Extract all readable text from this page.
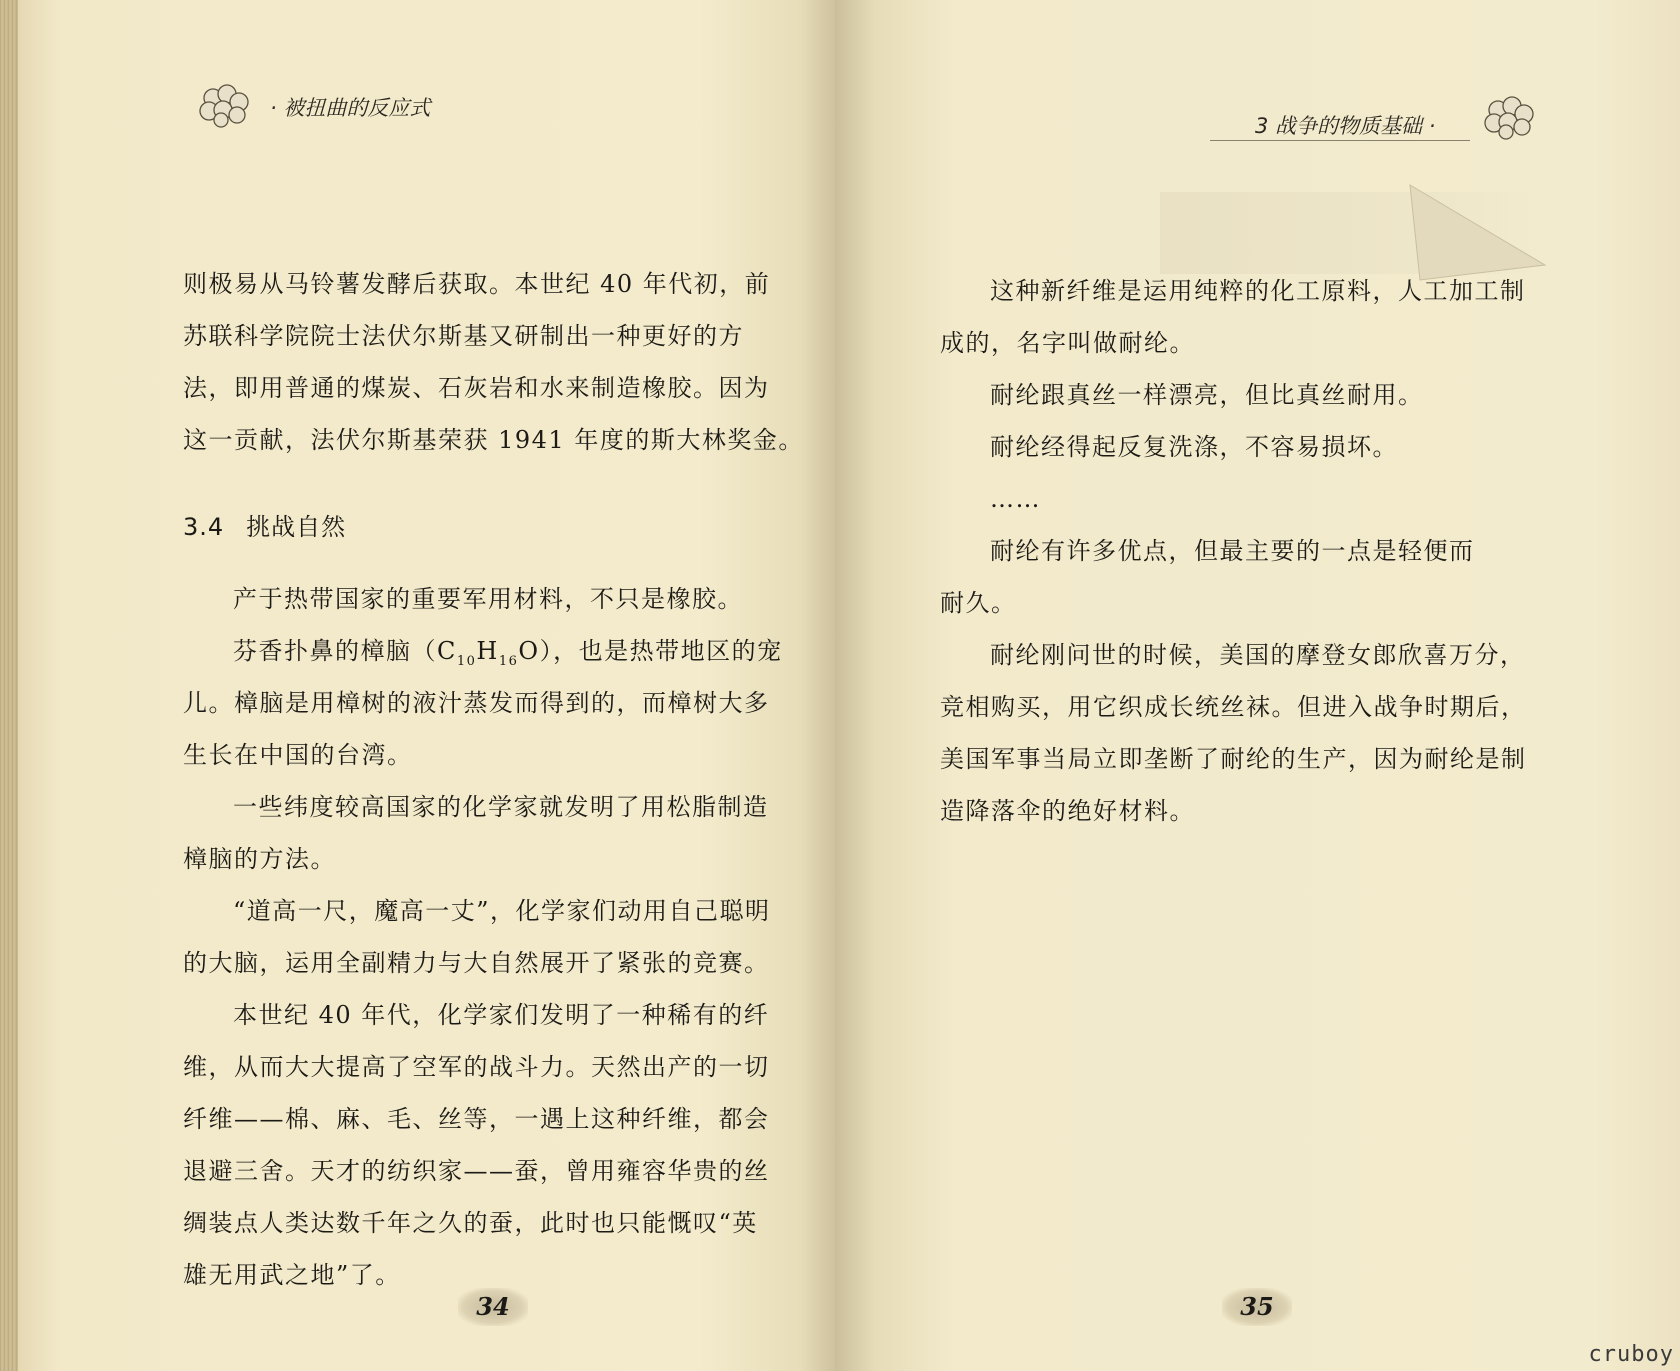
· 被扭曲的反应式
则极易从马铃薯发酵后获取。本世纪 40 年代初，前
苏联科学院院士法伏尔斯基又研制出一种更好的方
法，即用普通的煤炭、石灰岩和水来制造橡胶。因为
这一贡献，法伏尔斯基荣获 1941 年度的斯大林奖金。
3.4 挑战自然
产于热带国家的重要军用材料，不只是橡胶。
芬香扑鼻的樟脑$(C_{10}H_{16}O)$，也是热带地区的宠
儿。樟脑是用樟树的液汁蒸发而得到的，而樟树大多
生长在中国的台湾。
一些纬度较高国家的化学家就发明了用松脂制造
樟脑的方法。
“道高一尺，魔高一丈”，化学家们动用自己聪明
的大脑，运用全副精力与大自然展开了紧张的竞赛。
本世纪 40 年代，化学家们发明了一种稀有的纤
维，从而大大提高了空军的战斗力。天然出产的一切
纤维——棉、麻、毛、丝等，一遇上这种纤维，都会
退避三舍。天才的纺织家——蚕，曾用雍容华贵的丝
绸装点人类达数千年之久的蚕，此时也只能慨叹“英
雄无用武之地”了。
34
3 战争的物质基础 ·
这种新纤维是运用纯粹的化工原料，人工加工制
成的，名字叫做耐纶。
耐纶跟真丝一样漂亮，但比真丝耐用。
耐纶经得起反复洗涤，不容易损坏。
……
耐纶有许多优点，但最主要的一点是轻便而
耐久。
耐纶刚问世的时候，美国的摩登女郎欣喜万分，
竞相购买，用它织成长统丝袜。但进入战争时期后，
美国军事当局立即垄断了耐纶的生产，因为耐纶是制
造降落伞的绝好材料。
35
cruboy
